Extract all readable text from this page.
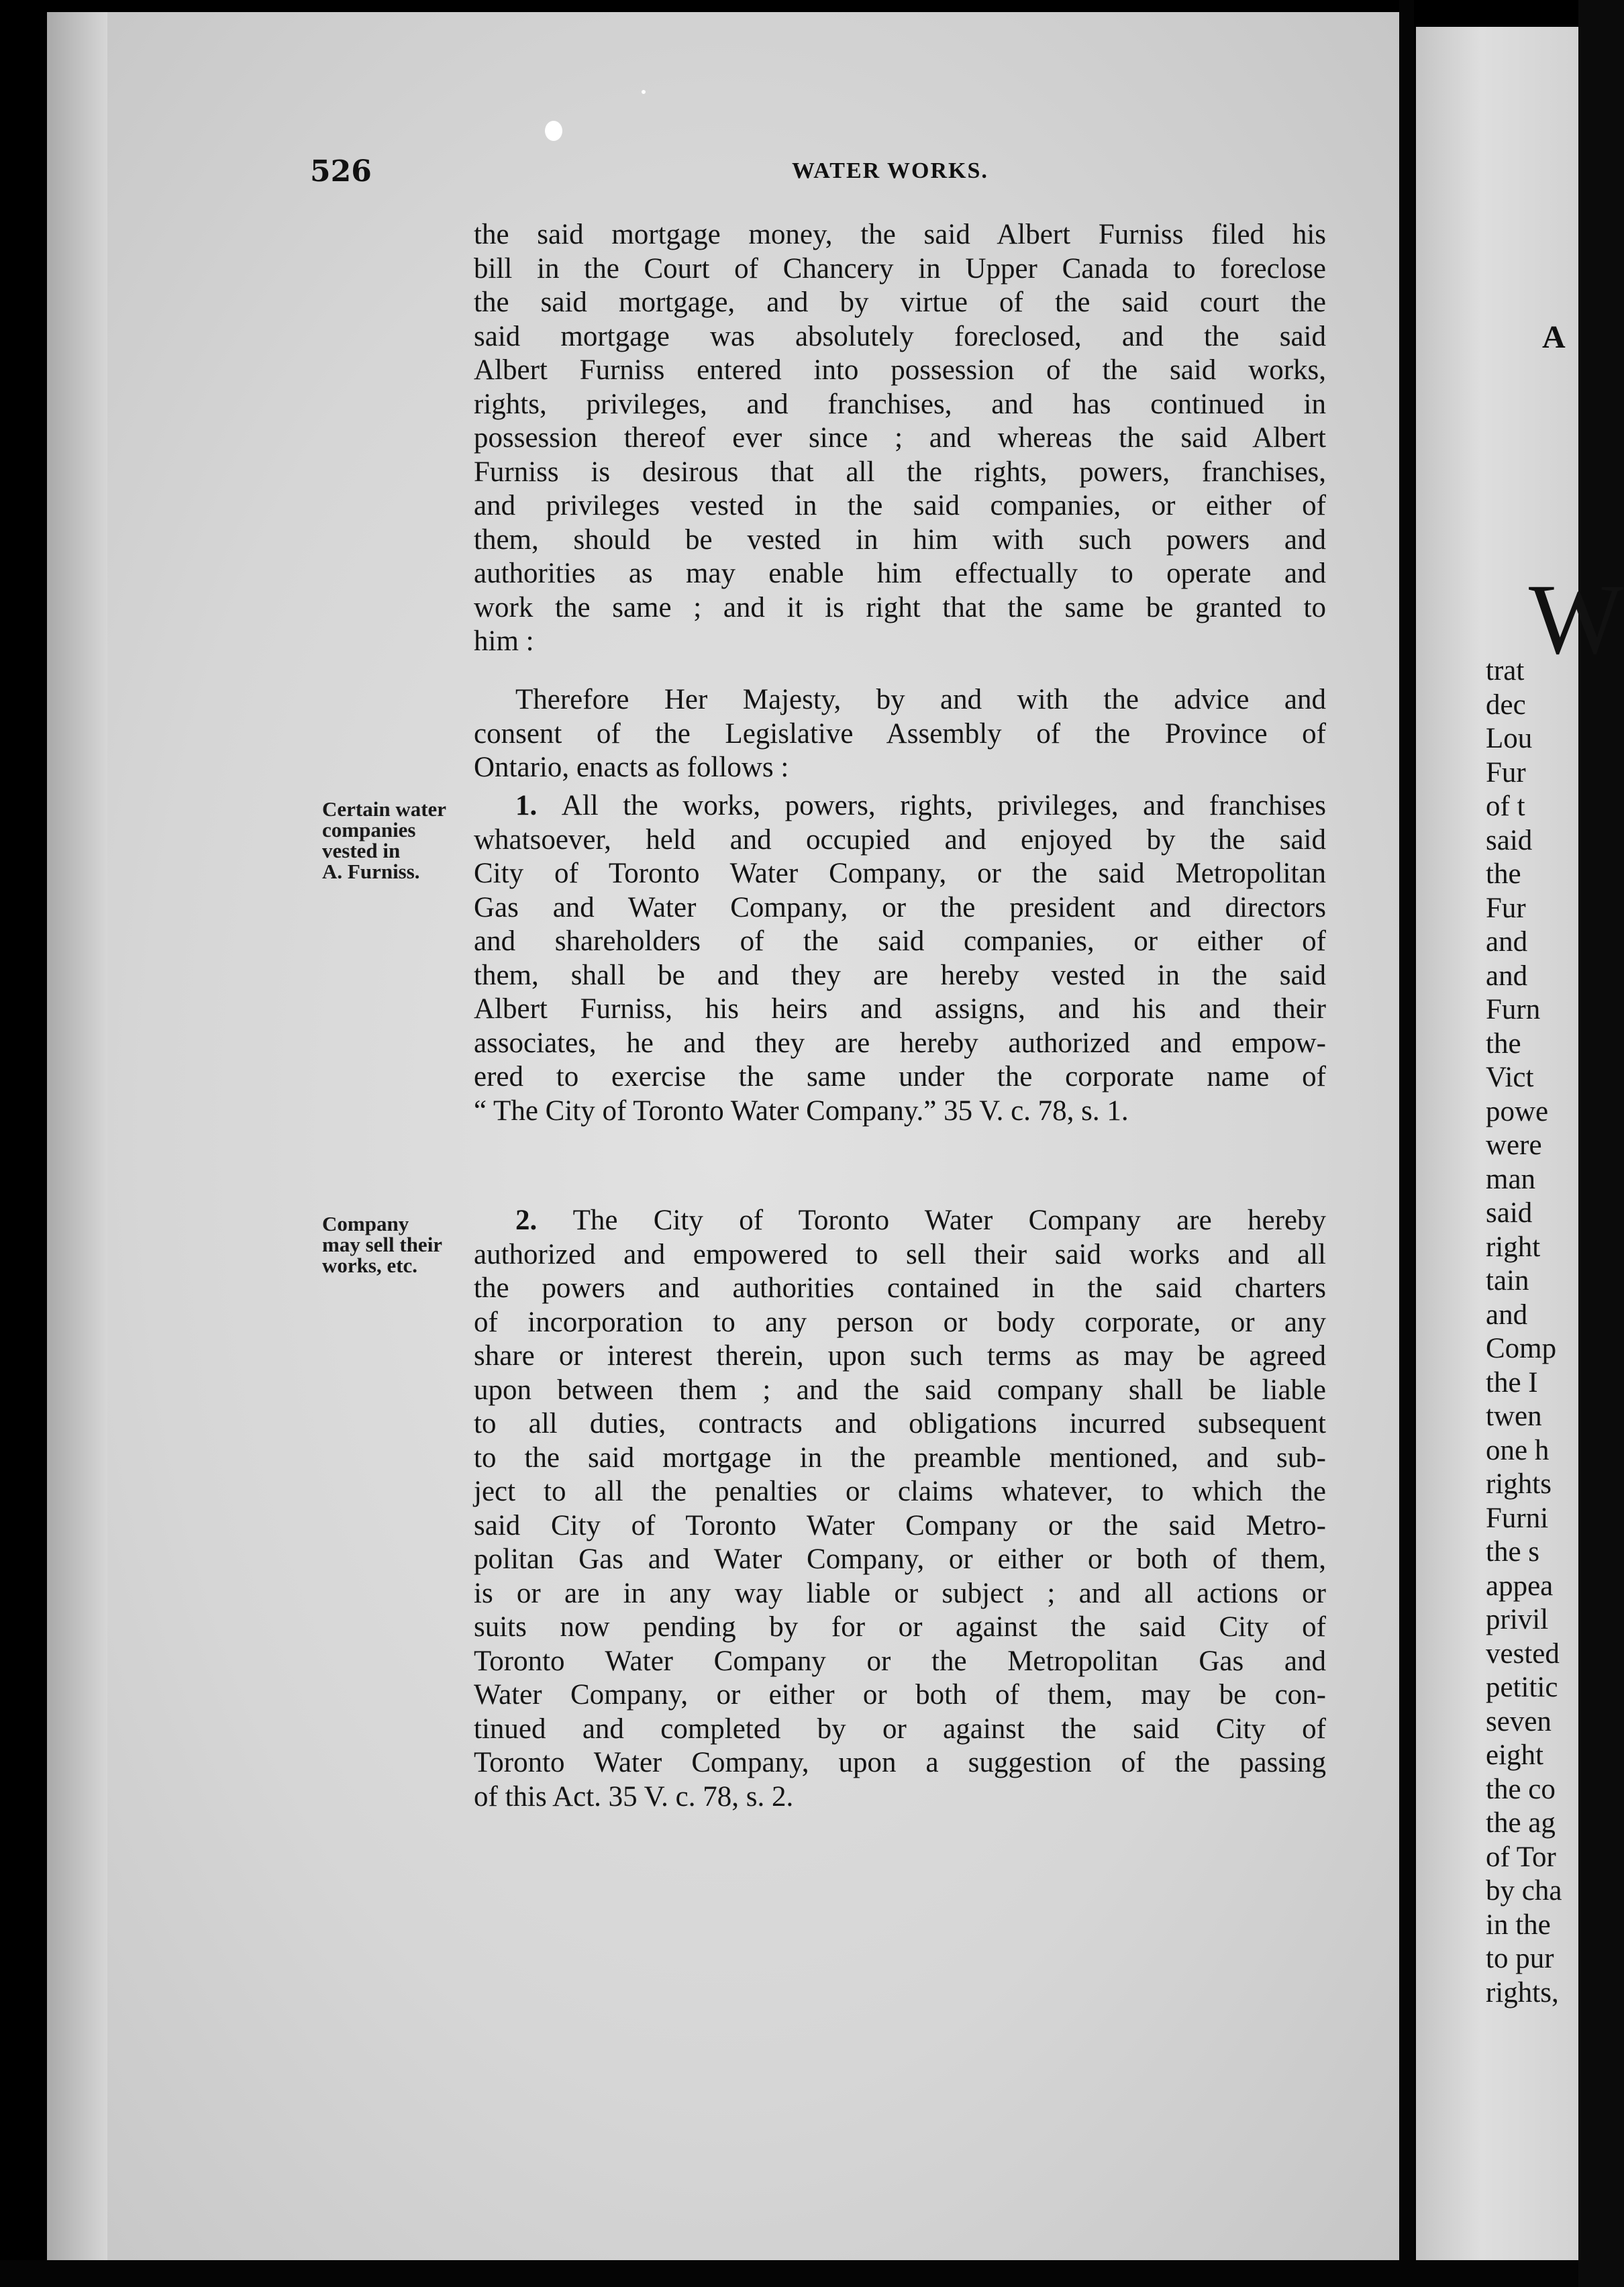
526	WATER WORKS.
the said mortgage money, the said Albert Furniss filed his
bill in the Court of Chancery in Upper Canada to foreclose
the said mortgage, and by virtue of the said court the
said mortgage was absolutely foreclosed, and the said
Albert Furniss entered into possession of the said works,
rights, privileges, and franchises, and has continued in
possession thereof ever since ; and whereas the said Albert
Furniss is desirous that all the rights, powers, franchises,
and privileges vested in the said companies, or either of
them, should be vested in him with such powers and
authorities as may enable him effectually to operate and
work the same ; and it is right that the same be granted to
him :
Therefore Her Majesty, by and with the advice and
consent of the Legislative Assembly of the Province of
Ontario, enacts as follows :
Certain water
companies
vested in
A. Furniss.
1. All the works, powers, rights, privileges, and franchises
whatsoever, held and occupied and enjoyed by the said
City of Toronto Water Company, or the said Metropolitan
Gas and Water Company, or the president and directors
and shareholders of the said companies, or either of
them, shall be and they are hereby vested in the said
Albert Furniss, his heirs and assigns, and his and their
associates, he and they are hereby authorized and empow-
ered to exercise the same under the corporate name of
“ The City of Toronto Water Company.” 35 V. c. 78, s. 1.
Company
may sell their
works, etc.
2. The City of Toronto Water Company are hereby
authorized and empowered to sell their said works and all
the powers and authorities contained in the said charters
of incorporation to any person or body corporate, or any
share or interest therein, upon such terms as may be agreed
upon between them ; and the said company shall be liable
to all duties, contracts and obligations incurred subsequent
to the said mortgage in the preamble mentioned, and sub-
ject to all the penalties or claims whatever, to which the
said City of Toronto Water Company or the said Metro-
politan Gas and Water Company, or either or both of them,
is or are in any way liable or subject ; and all actions or
suits now pending by for or against the said City of
Toronto Water Company or the Metropolitan Gas and
Water Company, or either or both of them, may be con-
tinued and completed by or against the said City of
Toronto Water Company, upon a suggestion of the passing
of this Act. 35 V. c. 78, s. 2.
A
W
trat
dec
Lou
Fur
of t
said
the
Fur
and
and
Furn
the
Vict
powe
were
man
said
right
tain
and
Comp
the I
twen
one h
rights
Furni
the s
appea
privil
vested
petitic
seven
eight
the co
the ag
of Tor
by cha
in the
to pur
rights,
